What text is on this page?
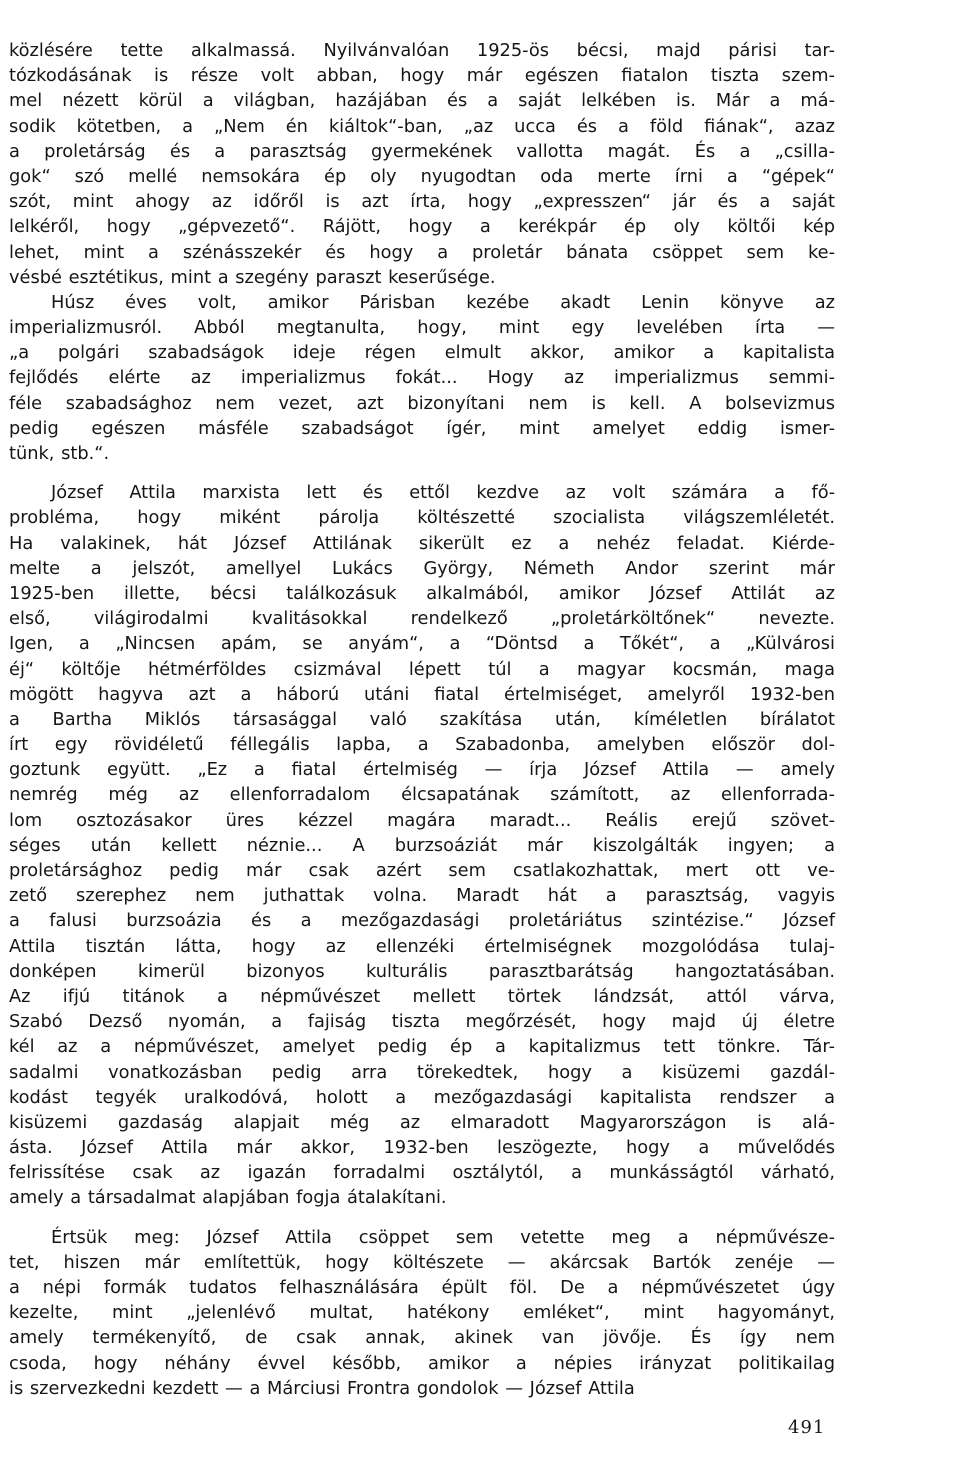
közlésére tette alkalmassá. Nyilvánvalóan 1925-ös bécsi, majd párisi tar-
tózkodásának is része volt abban, hogy már egészen fiatalon tiszta szem-
mel nézett körül a világban, hazájában és a saját lelkében is. Már a má-
sodik kötetben, a „Nem én kiáltok“-ban, „az ucca és a föld fiának“, azaz
a proletárság és a parasztság gyermekének vallotta magát. És a „csilla-
gok“ szó mellé nemsokára ép oly nyugodtan oda merte írni a “gépek“
szót, mint ahogy az időről is azt írta, hogy „expresszen“ jár és a saját
lelkéről, hogy „gépvezető“. Rájött, hogy a kerékpár ép oly költői kép
lehet, mint a szénásszekér és hogy a proletár bánata csöppet sem ke-
vésbé esztétikus, mint a szegény paraszt keserűsége.
Húsz éves volt, amikor Párisban kezébe akadt Lenin könyve az
imperializmusról. Abból megtanulta, hogy, mint egy levelében írta —
„a polgári szabadságok ideje régen elmult akkor, amikor a kapitalista
fejlődés elérte az imperializmus fokát... Hogy az imperializmus semmi-
féle szabadsághoz nem vezet, azt bizonyítani nem is kell. A bolsevizmus
pedig egészen másféle szabadságot ígér, mint amelyet eddig ismer-
tünk, stb.“.
József Attila marxista lett és ettől kezdve az volt számára a fő-
probléma, hogy miként párolja költészetté szocialista világszemléletét.
Ha valakinek, hát József Attilának sikerült ez a nehéz feladat. Kiérde-
melte a jelszót, amellyel Lukács György, Németh Andor szerint már
1925-ben illette, bécsi találkozásuk alkalmából, amikor József Attilát az
első, világirodalmi kvalitásokkal rendelkező „proletárköltőnek“ nevezte.
Igen, a „Nincsen apám, se anyám“, a “Döntsd a Tőkét“, a „Külvárosi
éj“ költője hétmérföldes csizmával lépett túl a magyar kocsmán, maga
mögött hagyva azt a háború utáni fiatal értelmiséget, amelyről 1932-ben
a Bartha Miklós társasággal való szakítása után, kíméletlen bírálatot
írt egy rövidéletű féllegális lapba, a Szabadonba, amelyben először dol-
goztunk együtt. „Ez a fiatal értelmiség — írja József Attila — amely
nemrég még az ellenforradalom élcsapatának számított, az ellenforrada-
lom osztozásakor üres kézzel magára maradt... Reális erejű szövet-
séges után kellett néznie... A burzsoáziát már kiszolgálták ingyen; a
proletársághoz pedig már csak azért sem csatlakozhattak, mert ott ve-
zető szerephez nem juthattak volna. Maradt hát a parasztság, vagyis
a falusi burzsoázia és a mezőgazdasági proletáriátus szintézise.“ József
Attila tisztán látta, hogy az ellenzéki értelmiségnek mozgolódása tulaj-
donképen kimerül bizonyos kulturális parasztbarátság hangoztatásában.
Az ifjú titánok a népművészet mellett törtek lándzsát, attól várva,
Szabó Dezső nyomán, a fajiság tiszta megőrzését, hogy majd új életre
kél az a népművészet, amelyet pedig ép a kapitalizmus tett tönkre. Tár-
sadalmi vonatkozásban pedig arra törekedtek, hogy a kisüzemi gazdál-
kodást tegyék uralkodóvá, holott a mezőgazdasági kapitalista rendszer a
kisüzemi gazdaság alapjait még az elmaradott Magyarországon is alá-
ásta. József Attila már akkor, 1932-ben leszögezte, hogy a művelődés
felrissítése csak az igazán forradalmi osztálytól, a munkásságtól várható,
amely a társadalmat alapjában fogja átalakítani.
Értsük meg: József Attila csöppet sem vetette meg a népművésze-
tet, hiszen már említettük, hogy költészete — akárcsak Bartók zenéje —
a népi formák tudatos felhasználására épült föl. De a népművészetet úgy
kezelte, mint „jelenlévő multat, hatékony emléket“, mint hagyományt,
amely termékenyítő, de csak annak, akinek van jövője. És így nem
csoda, hogy néhány évvel később, amikor a népies irányzat politikailag
is szervezkedni kezdett — a Márciusi Frontra gondolok — József Attila
491
